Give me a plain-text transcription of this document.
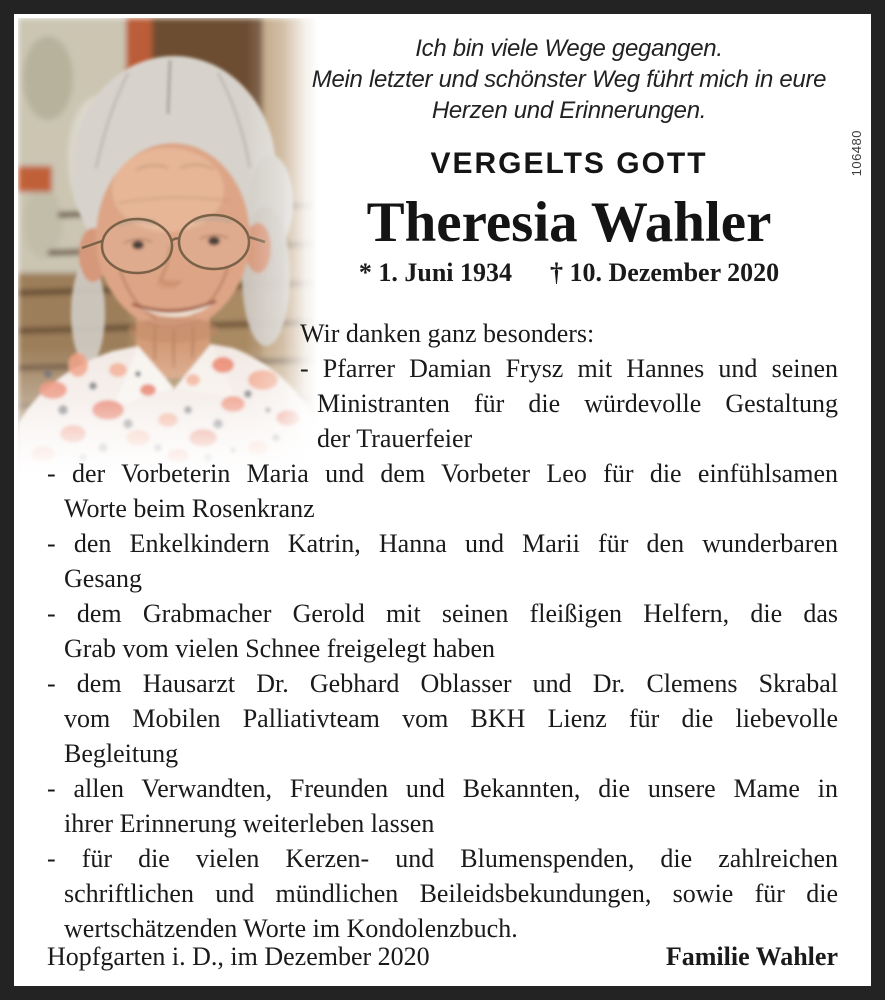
106480
Ich bin viele Wege gegangen.
Mein letzter und schönster Weg führt mich in eure
Herzen und Erinnerungen.
VERGELTS GOTT
Theresia Wahler
* 1. Juni 1934 † 10. Dezember 2020
Wir danken ganz besonders:
- Pfarrer Damian Frysz mit Hannes und seinen
Ministranten für die würdevolle Gestaltung
der Trauerfeier
- der Vorbeterin Maria und dem Vorbeter Leo für die einfühlsamen
Worte beim Rosenkranz
- den Enkelkindern Katrin, Hanna und Marii für den wunderbaren
Gesang
- dem Grabmacher Gerold mit seinen fleißigen Helfern, die das
Grab vom vielen Schnee freigelegt haben
- dem Hausarzt Dr. Gebhard Oblasser und Dr. Clemens Skrabal
vom Mobilen Palliativteam vom BKH Lienz für die liebevolle
Begleitung
- allen Verwandten, Freunden und Bekannten, die unsere Mame in
ihrer Erinnerung weiterleben lassen
- für die vielen Kerzen- und Blumenspenden, die zahlreichen
schriftlichen und mündlichen Beileidsbekundungen, sowie für die
wertschätzenden Worte im Kondolenzbuch.
Hopfgarten i. D., im Dezember 2020	Familie Wahler
